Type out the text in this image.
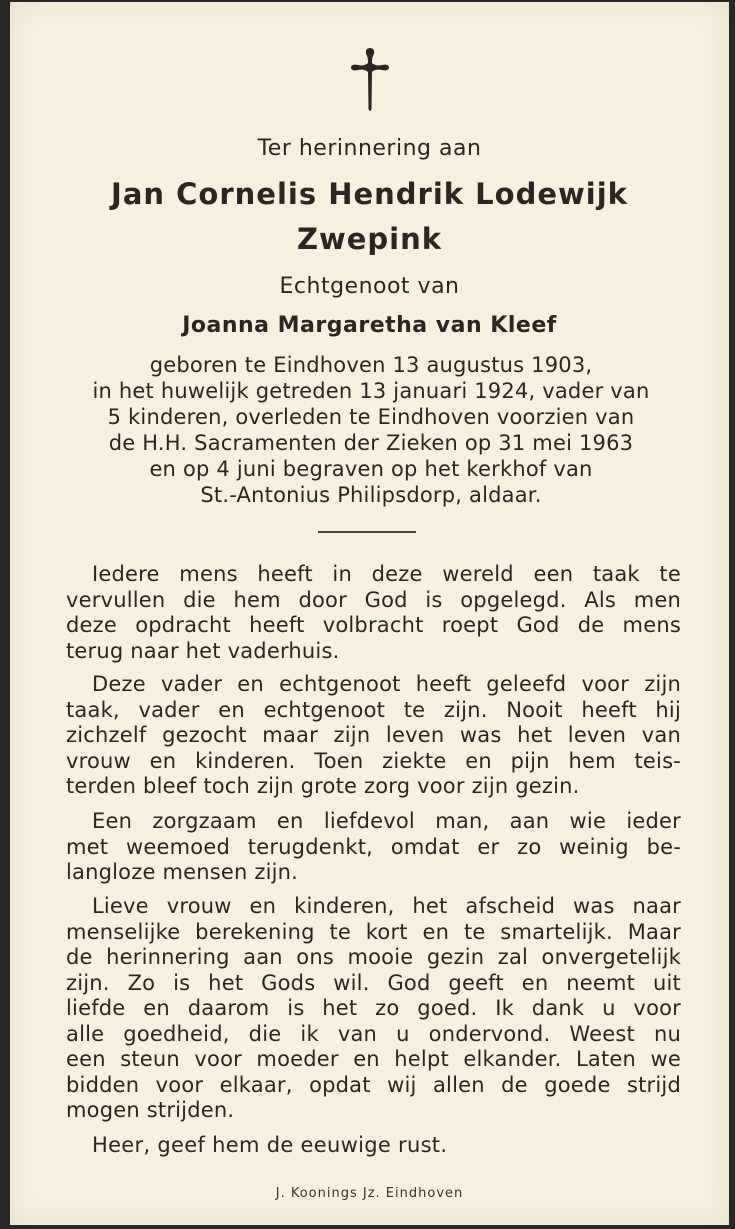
Ter herinnering aan
Jan Cornelis Hendrik Lodewijk
Zwepink
Echtgenoot van
Joanna Margaretha van Kleef
geboren te Eindhoven 13 augustus 1903,
in het huwelijk getreden 13 januari 1924, vader van
5 kinderen, overleden te Eindhoven voorzien van
de H.H. Sacramenten der Zieken op 31 mei 1963
en op 4 juni begraven op het kerkhof van
St.-Antonius Philipsdorp, aldaar.
Iedere mens heeft in deze wereld een taak te
vervullen die hem door God is opgelegd. Als men
deze opdracht heeft volbracht roept God de mens
terug naar het vaderhuis.
Deze vader en echtgenoot heeft geleefd voor zijn
taak, vader en echtgenoot te zijn. Nooit heeft hij
zichzelf gezocht maar zijn leven was het leven van
vrouw en kinderen. Toen ziekte en pijn hem teis-
terden bleef toch zijn grote zorg voor zijn gezin.
Een zorgzaam en liefdevol man, aan wie ieder
met weemoed terugdenkt, omdat er zo weinig be-
langloze mensen zijn.
Lieve vrouw en kinderen, het afscheid was naar
menselijke berekening te kort en te smartelijk. Maar
de herinnering aan ons mooie gezin zal onvergetelijk
zijn. Zo is het Gods wil. God geeft en neemt uit
liefde en daarom is het zo goed. Ik dank u voor
alle goedheid, die ik van u ondervond. Weest nu
een steun voor moeder en helpt elkander. Laten we
bidden voor elkaar, opdat wij allen de goede strijd
mogen strijden.
Heer, geef hem de eeuwige rust.
J. Koonings Jz. Eindhoven
